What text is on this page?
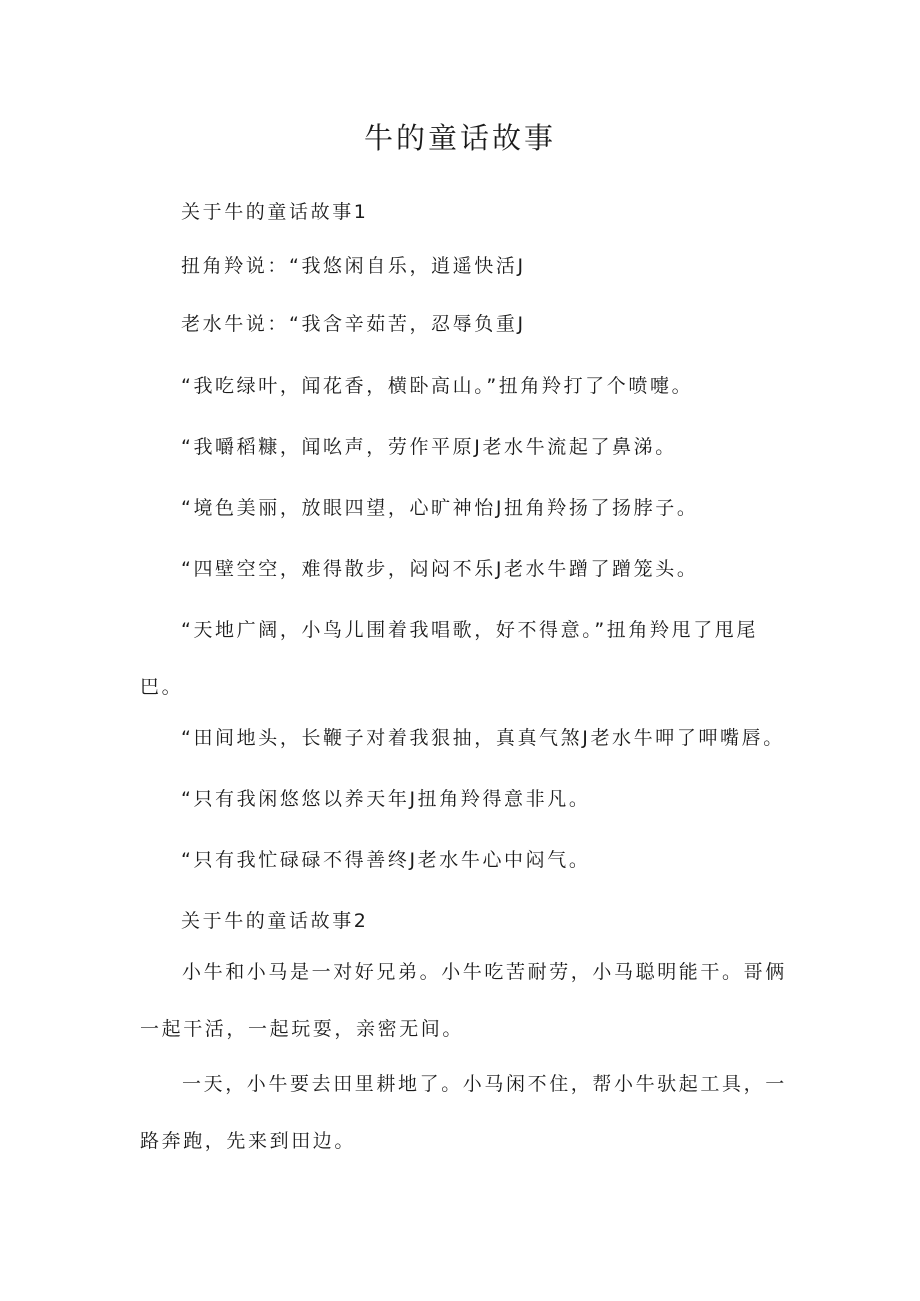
牛的童话故事

关于牛的童话故事1

扭角羚说：“我悠闲自乐，逍遥快活J

老水牛说：“我含辛茹苦，忍辱负重J

“我吃绿叶，闻花香，横卧高山。”扭角羚打了个喷嚏。

“我嚼稻糠，闻吆声，劳作平原J老水牛流起了鼻涕。

“境色美丽，放眼四望，心旷神怡J扭角羚扬了扬脖子。

“四壁空空，难得散步，闷闷不乐J老水牛蹭了蹭笼头。

“天地广阔，小鸟儿围着我唱歌，好不得意。”扭角羚甩了甩尾巴。

“田间地头，长鞭子对着我狠抽，真真气煞J老水牛呷了呷嘴唇。

“只有我闲悠悠以养天年J扭角羚得意非凡。

“只有我忙碌碌不得善终J老水牛心中闷气。

关于牛的童话故事2

小牛和小马是一对好兄弟。小牛吃苦耐劳，小马聪明能干。哥俩一起干活，一起玩耍，亲密无间。

一天，小牛要去田里耕地了。小马闲不住，帮小牛驮起工具，一路奔跑，先来到田边。
